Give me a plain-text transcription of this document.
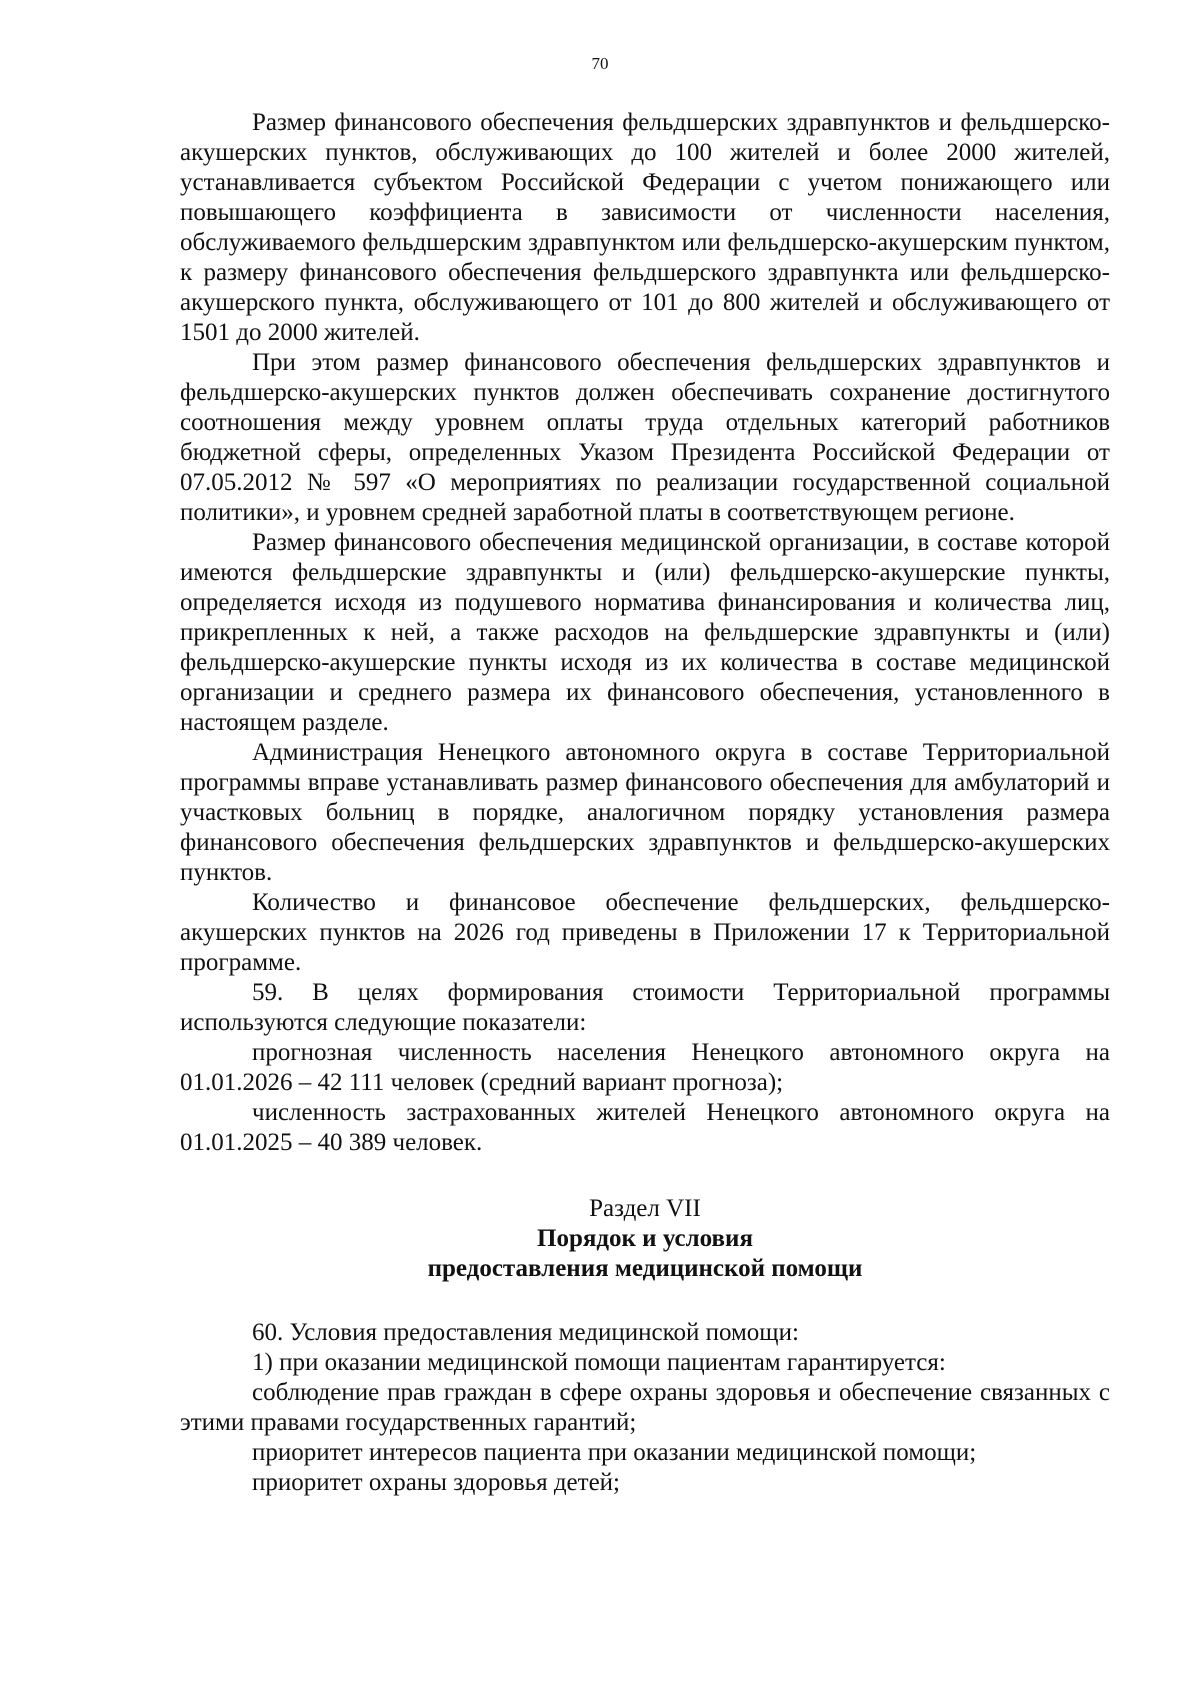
70

Размер финансового обеспечения фельдшерских здравпунктов и фельдшерско-акушерских пунктов, обслуживающих до 100 жителей и более 2000 жителей, устанавливается субъектом Российской Федерации с учетом понижающего или повышающего коэффициента в зависимости от численности населения, обслуживаемого фельдшерским здравпунктом или фельдшерско-акушерским пунктом, к размеру финансового обеспечения фельдшерского здравпункта или фельдшерско-акушерского пункта, обслуживающего от 101 до 800 жителей и обслуживающего от 1501 до 2000 жителей.

При этом размер финансового обеспечения фельдшерских здравпунктов и фельдшерско-акушерских пунктов должен обеспечивать сохранение достигнутого соотношения между уровнем оплаты труда отдельных категорий работников бюджетной сферы, определенных Указом Президента Российской Федерации от 07.05.2012 № 597 «О мероприятиях по реализации государственной социальной политики», и уровнем средней заработной платы в соответствующем регионе.

Размер финансового обеспечения медицинской организации, в составе которой имеются фельдшерские здравпункты и (или) фельдшерско-акушерские пункты, определяется исходя из подушевого норматива финансирования и количества лиц, прикрепленных к ней, а также расходов на фельдшерские здравпункты и (или) фельдшерско-акушерские пункты исходя из их количества в составе медицинской организации и среднего размера их финансового обеспечения, установленного в настоящем разделе.

Администрация Ненецкого автономного округа в составе Территориальной программы вправе устанавливать размер финансового обеспечения для амбулаторий и участковых больниц в порядке, аналогичном порядку установления размера финансового обеспечения фельдшерских здравпунктов и фельдшерско-акушерских пунктов.

Количество и финансовое обеспечение фельдшерских, фельдшерско-акушерских пунктов на 2026 год приведены в Приложении 17 к Территориальной программе.

59. В целях формирования стоимости Территориальной программы используются следующие показатели:

прогнозная численность населения Ненецкого автономного округа на 01.01.2026 – 42 111 человек (средний вариант прогноза);

численность застрахованных жителей Ненецкого автономного округа на 01.01.2025 – 40 389 человек.

Раздел VII
Порядок и условия
предоставления медицинской помощи

60. Условия предоставления медицинской помощи:

1) при оказании медицинской помощи пациентам гарантируется:

соблюдение прав граждан в сфере охраны здоровья и обеспечение связанных с этими правами государственных гарантий;

приоритет интересов пациента при оказании медицинской помощи;

приоритет охраны здоровья детей;
